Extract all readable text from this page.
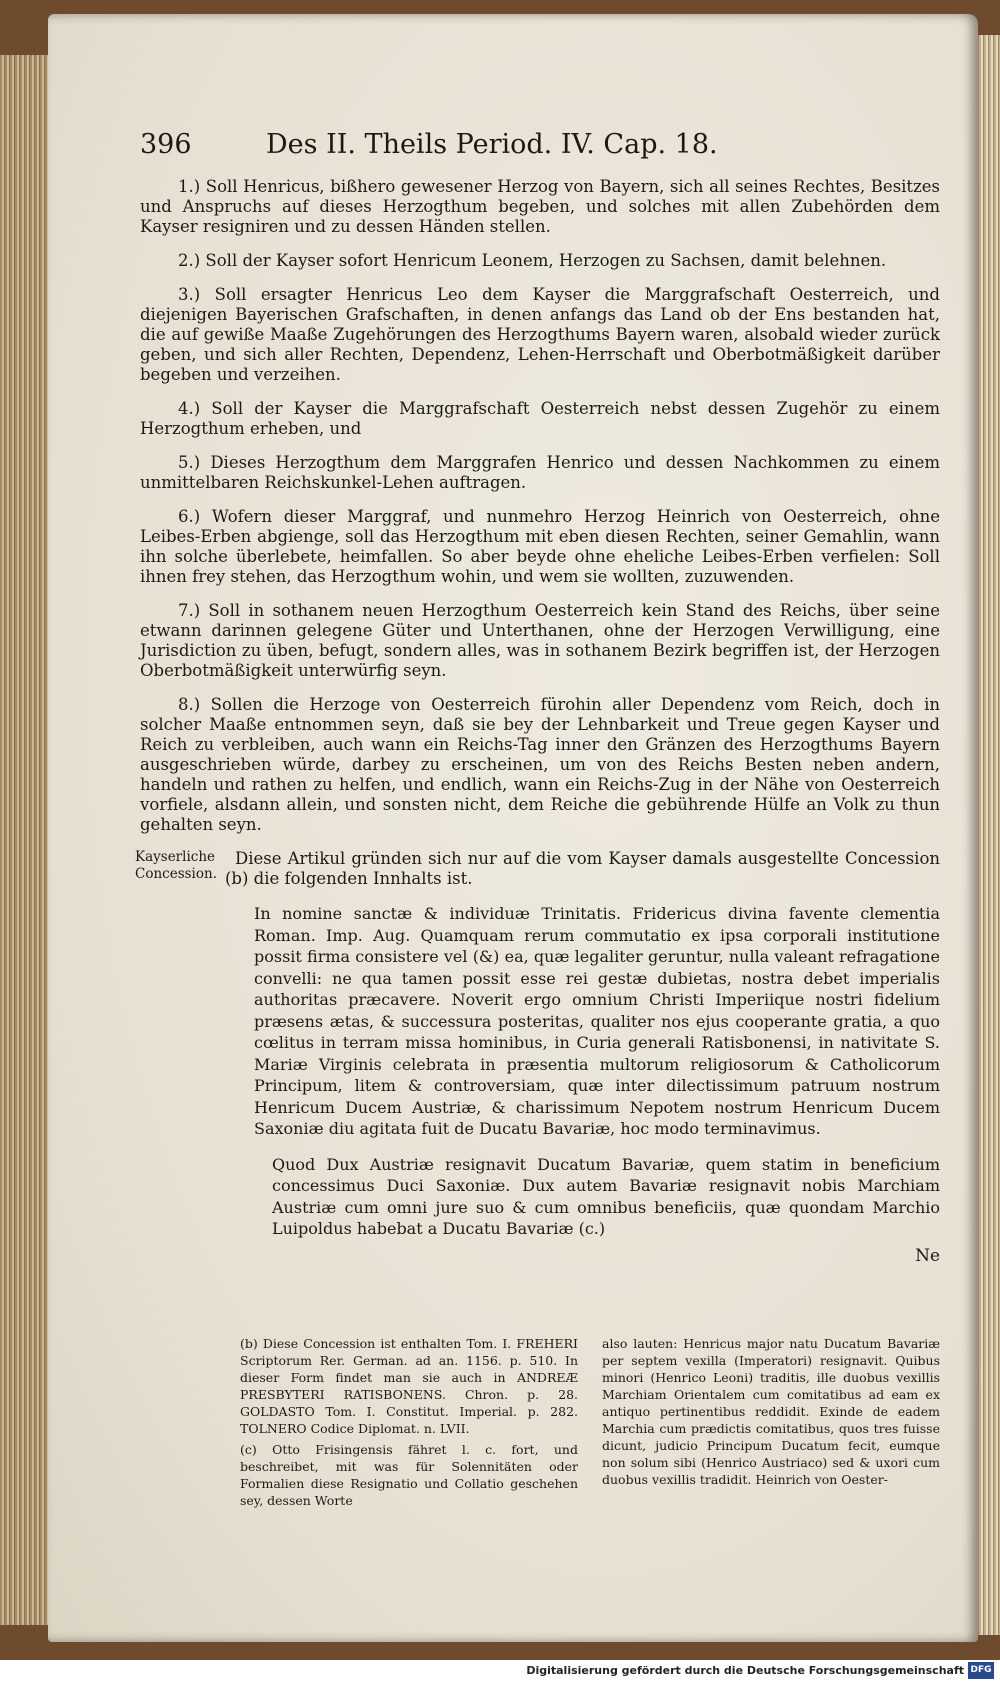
396	Des II. Theils Period. IV. Cap. 18.

1.) Soll Henricus, bißhero gewesener Herzog von Bayern, sich all seines Rechtes, Besitzes und Anspruchs auf dieses Herzogthum begeben, und solches mit allen Zubehörden dem Kayser resigniren und zu dessen Händen stellen.

2.) Soll der Kayser sofort Henricum Leonem, Herzogen zu Sachsen, damit belehnen.

3.) Soll ersagter Henricus Leo dem Kayser die Marggrafschaft Oesterreich, und diejenigen Bayerischen Grafschaften, in denen anfangs das Land ob der Ens bestanden hat, die auf gewiße Maaße Zugehörungen des Herzogthums Bayern waren, alsobald wieder zurück geben, und sich aller Rechten, Dependenz, Lehen-Herrschaft und Oberbotmäßigkeit darüber begeben und verzeihen.

4.) Soll der Kayser die Marggrafschaft Oesterreich nebst dessen Zugehör zu einem Herzogthum erheben, und

5.) Dieses Herzogthum dem Marggrafen Henrico und dessen Nachkommen zu einem unmittelbaren Reichskunkel-Lehen auftragen.

6.) Wofern dieser Marggraf, und nunmehro Herzog Heinrich von Oesterreich, ohne Leibes-Erben abgienge, soll das Herzogthum mit eben diesen Rechten, seiner Gemahlin, wann ihn solche überlebete, heimfallen. So aber beyde ohne eheliche Leibes-Erben verfielen: Soll ihnen frey stehen, das Herzogthum wohin, und wem sie wollten, zuzuwenden.

7.) Soll in sothanem neuen Herzogthum Oesterreich kein Stand des Reichs, über seine etwann darinnen gelegene Güter und Unterthanen, ohne der Herzogen Verwilligung, eine Jurisdiction zu üben, befugt, sondern alles, was in sothanem Bezirk begriffen ist, der Herzogen Oberbotmäßigkeit unterwürfig seyn.

8.) Sollen die Herzoge von Oesterreich fürohin aller Dependenz vom Reich, doch in solcher Maaße entnommen seyn, daß sie bey der Lehnbarkeit und Treue gegen Kayser und Reich zu verbleiben, auch wann ein Reichs-Tag inner den Gränzen des Herzogthums Bayern ausgeschrieben würde, darbey zu erscheinen, um von des Reichs Besten neben andern, handeln und rathen zu helfen, und endlich, wann ein Reichs-Zug in der Nähe von Oesterreich vorfiele, alsdann allein, und sonsten nicht, dem Reiche die gebührende Hülfe an Volk zu thun gehalten seyn.

Kayserliche Concession.

Diese Artikul gründen sich nur auf die vom Kayser damals ausgestellte Concession (b) die folgenden Innhalts ist.

In nomine sanctæ & individuæ Trinitatis. Fridericus divina favente clementia Roman. Imp. Aug. Quamquam rerum commutatio ex ipsa corporali institutione possit firma consistere vel (&) ea, quæ legaliter geruntur, nulla valeant refragatione convelli: ne qua tamen possit esse rei gestæ dubietas, nostra debet imperialis authoritas præcavere. Noverit ergo omnium Christi Imperiique nostri fidelium præsens ætas, & successura posteritas, qualiter nos ejus cooperante gratia, a quo cœlitus in terram missa hominibus, in Curia generali Ratisbonensi, in nativitate S. Mariæ Virginis celebrata in præsentia multorum religiosorum & Catholicorum Principum, litem & controversiam, quæ inter dilectissimum patruum nostrum Henricum Ducem Austriæ, & charissimum Nepotem nostrum Henricum Ducem Saxoniæ diu agitata fuit de Ducatu Bavariæ, hoc modo terminavimus.

Quod Dux Austriæ resignavit Ducatum Bavariæ, quem statim in beneficium concessimus Duci Saxoniæ. Dux autem Bavariæ resignavit nobis Marchiam Austriæ cum omni jure suo & cum omnibus beneficiis, quæ quondam Marchio Luipoldus habebat a Ducatu Bavariæ (c.)

Ne

(b) Diese Concession ist enthalten Tom. I. FREHERI Scriptorum Rer. German. ad an. 1156. p. 510. In dieser Form findet man sie auch in ANDREÆ PRESBYTERI RATISBONENS. Chron. p. 28. GOLDASTO Tom. I. Constitut. Imperial. p. 282. TOLNERO Codice Diplomat. n. LVII.

(c) Otto Frisingensis fähret l. c. fort, und beschreibet, mit was für Solennitäten oder Formalien diese Resignatio und Collatio geschehen sey, dessen Worte

also lauten: Henricus major natu Ducatum Bavariæ per septem vexilla (Imperatori) resignavit. Quibus minori (Henrico Leoni) traditis, ille duobus vexillis Marchiam Orientalem cum comitatibus ad eam ex antiquo pertinentibus reddidit. Exinde de eadem Marchia cum prædictis comitatibus, quos tres fuisse dicunt, judicio Principum Ducatum fecit, eumque non solum sibi (Henrico Austriaco) sed & uxori cum duobus vexillis tradidit. Heinrich von Oester-

Digitalisierung gefördert durch die Deutsche Forschungsgemeinschaft DFG
